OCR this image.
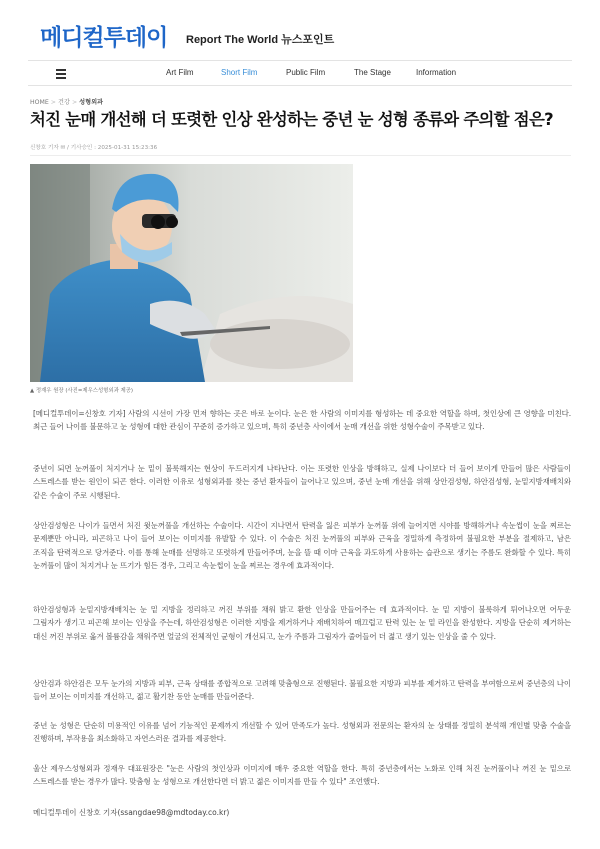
메디컬투데이 Report The World 뉴스포인트
Art Film	Short Film	Public Film	The Stage	Information
HOME > 건강 > 성형외과
처진 눈매 개선해 더 또렷한 인상 완성하는 중년 눈 성형 종류와 주의할 점은?
신창호 기자 ✉ / 기사승인 : 2025-01-31 15:23:36
▲ 정재우 원장 (사진=제우스성형외과 제공)

[메디컬투데이=신창호 기자] 사람의 시선이 가장 먼저 향하는 곳은 바로 눈이다. 눈은 한 사람의 이미지를 형성하는 데 중요한 역할을 하며, 첫인상에 큰 영향을 미친다. 최근 들어 나이를 불문하고 눈 성형에 대한 관심이 꾸준히 증가하고 있으며, 특히 중년층 사이에서 눈매 개선을 위한 성형수술이 주목받고 있다.

중년이 되면 눈꺼풀이 처지거나 눈 밑이 불룩해지는 현상이 두드러지게 나타난다. 이는 또렷한 인상을 방해하고, 실제 나이보다 더 들어 보이게 만들어 많은 사람들이 스트레스를 받는 원인이 되곤 한다. 이러한 이유로 성형외과를 찾는 중년 환자들이 늘어나고 있으며, 중년 눈매 개선을 위해 상안검성형, 하안검성형, 눈밑지방재배치와 같은 수술이 주로 시행된다.

상안검성형은 나이가 들면서 처진 윗눈꺼풀을 개선하는 수술이다. 시간이 지나면서 탄력을 잃은 피부가 눈꺼풀 위에 늘어지면 시야를 방해하거나 속눈썹이 눈을 찌르는 문제뿐만 아니라, 피곤하고 나이 들어 보이는 이미지를 유발할 수 있다. 이 수술은 처진 눈꺼풀의 피부와 근육을 정밀하게 측정하여 불필요한 부분을 절제하고, 남은 조직을 탄력적으로 당겨준다. 이를 통해 눈매를 선명하고 또렷하게 만들어주며, 눈을 뜰 때 이마 근육을 과도하게 사용하는 습관으로 생기는 주름도 완화할 수 있다. 특히 눈꺼풀이 많이 처지거나 눈 뜨기가 힘든 경우, 그리고 속눈썹이 눈을 찌르는 경우에 효과적이다.

하안검성형과 눈밑지방재배치는 눈 밑 지방을 정리하고 꺼진 부위를 채워 밝고 환한 인상을 만들어주는 데 효과적이다. 눈 밑 지방이 불룩하게 튀어나오면 어두운 그림자가 생기고 피곤해 보이는 인상을 주는데, 하안검성형은 이러한 지방을 제거하거나 재배치하여 매끄럽고 탄력 있는 눈 밑 라인을 완성한다. 지방을 단순히 제거하는 대신 꺼진 부위로 옮겨 볼륨감을 채워주면 얼굴의 전체적인 균형이 개선되고, 눈가 주름과 그림자가 줄어들어 더 젊고 생기 있는 인상을 줄 수 있다.

상안검과 하안검은 모두 눈가의 지방과 피부, 근육 상태를 종합적으로 고려해 맞춤형으로 진행된다. 불필요한 지방과 피부를 제거하고 탄력을 부여함으로써 중년층의 나이 들어 보이는 이미지를 개선하고, 젊고 활기찬 동안 눈매를 만들어준다.

중년 눈 성형은 단순히 미용적인 이유를 넘어 기능적인 문제까지 개선할 수 있어 만족도가 높다. 성형외과 전문의는 환자의 눈 상태를 정밀히 분석해 개인별 맞춤 수술을 진행하며, 부작용을 최소화하고 자연스러운 결과를 제공한다.

울산 제우스성형외과 정재우 대표원장은 "눈은 사람의 첫인상과 이미지에 매우 중요한 역할을 한다. 특히 중년층에서는 노화로 인해 처진 눈꺼풀이나 꺼진 눈 밑으로 스트레스를 받는 경우가 많다. 맞춤형 눈 성형으로 개선한다면 더 밝고 젊은 이미지를 만들 수 있다" 조언했다.

메디컬투데이 신창호 기자(ssangdae98@mdtoday.co.kr)
